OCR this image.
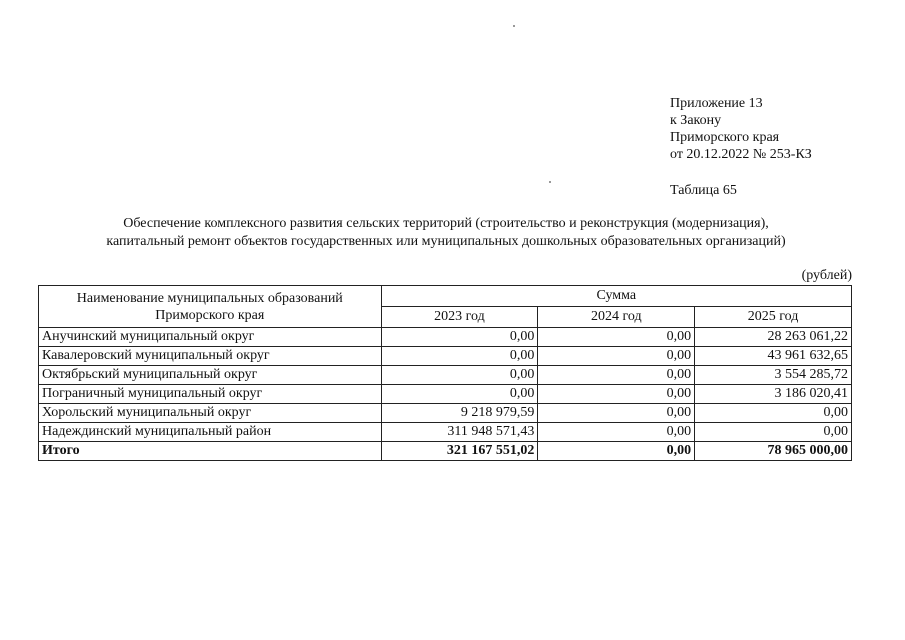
Приложение 13
к Закону
Приморского края
от 20.12.2022 № 253-КЗ
Таблица 65
Обеспечение комплексного развития сельских территорий (строительство и реконструкция (модернизация),
капитальный ремонт объектов государственных или муниципальных дошкольных образовательных организаций)
(рублей)
Наименование муниципальных образований
Приморского края	Сумма		
	2023 год	2024 год	2025 год
Анучинский муниципальный округ	0,00	0,00	28 263 061,22
Кавалеровский муниципальный округ	0,00	0,00	43 961 632,65
Октябрьский муниципальный округ	0,00	0,00	3 554 285,72
Пограничный муниципальный округ	0,00	0,00	3 186 020,41
Хорольский муниципальный округ	9 218 979,59	0,00	0,00
Надеждинский муниципальный район	311 948 571,43	0,00	0,00
Итого	321 167 551,02	0,00	78 965 000,00
